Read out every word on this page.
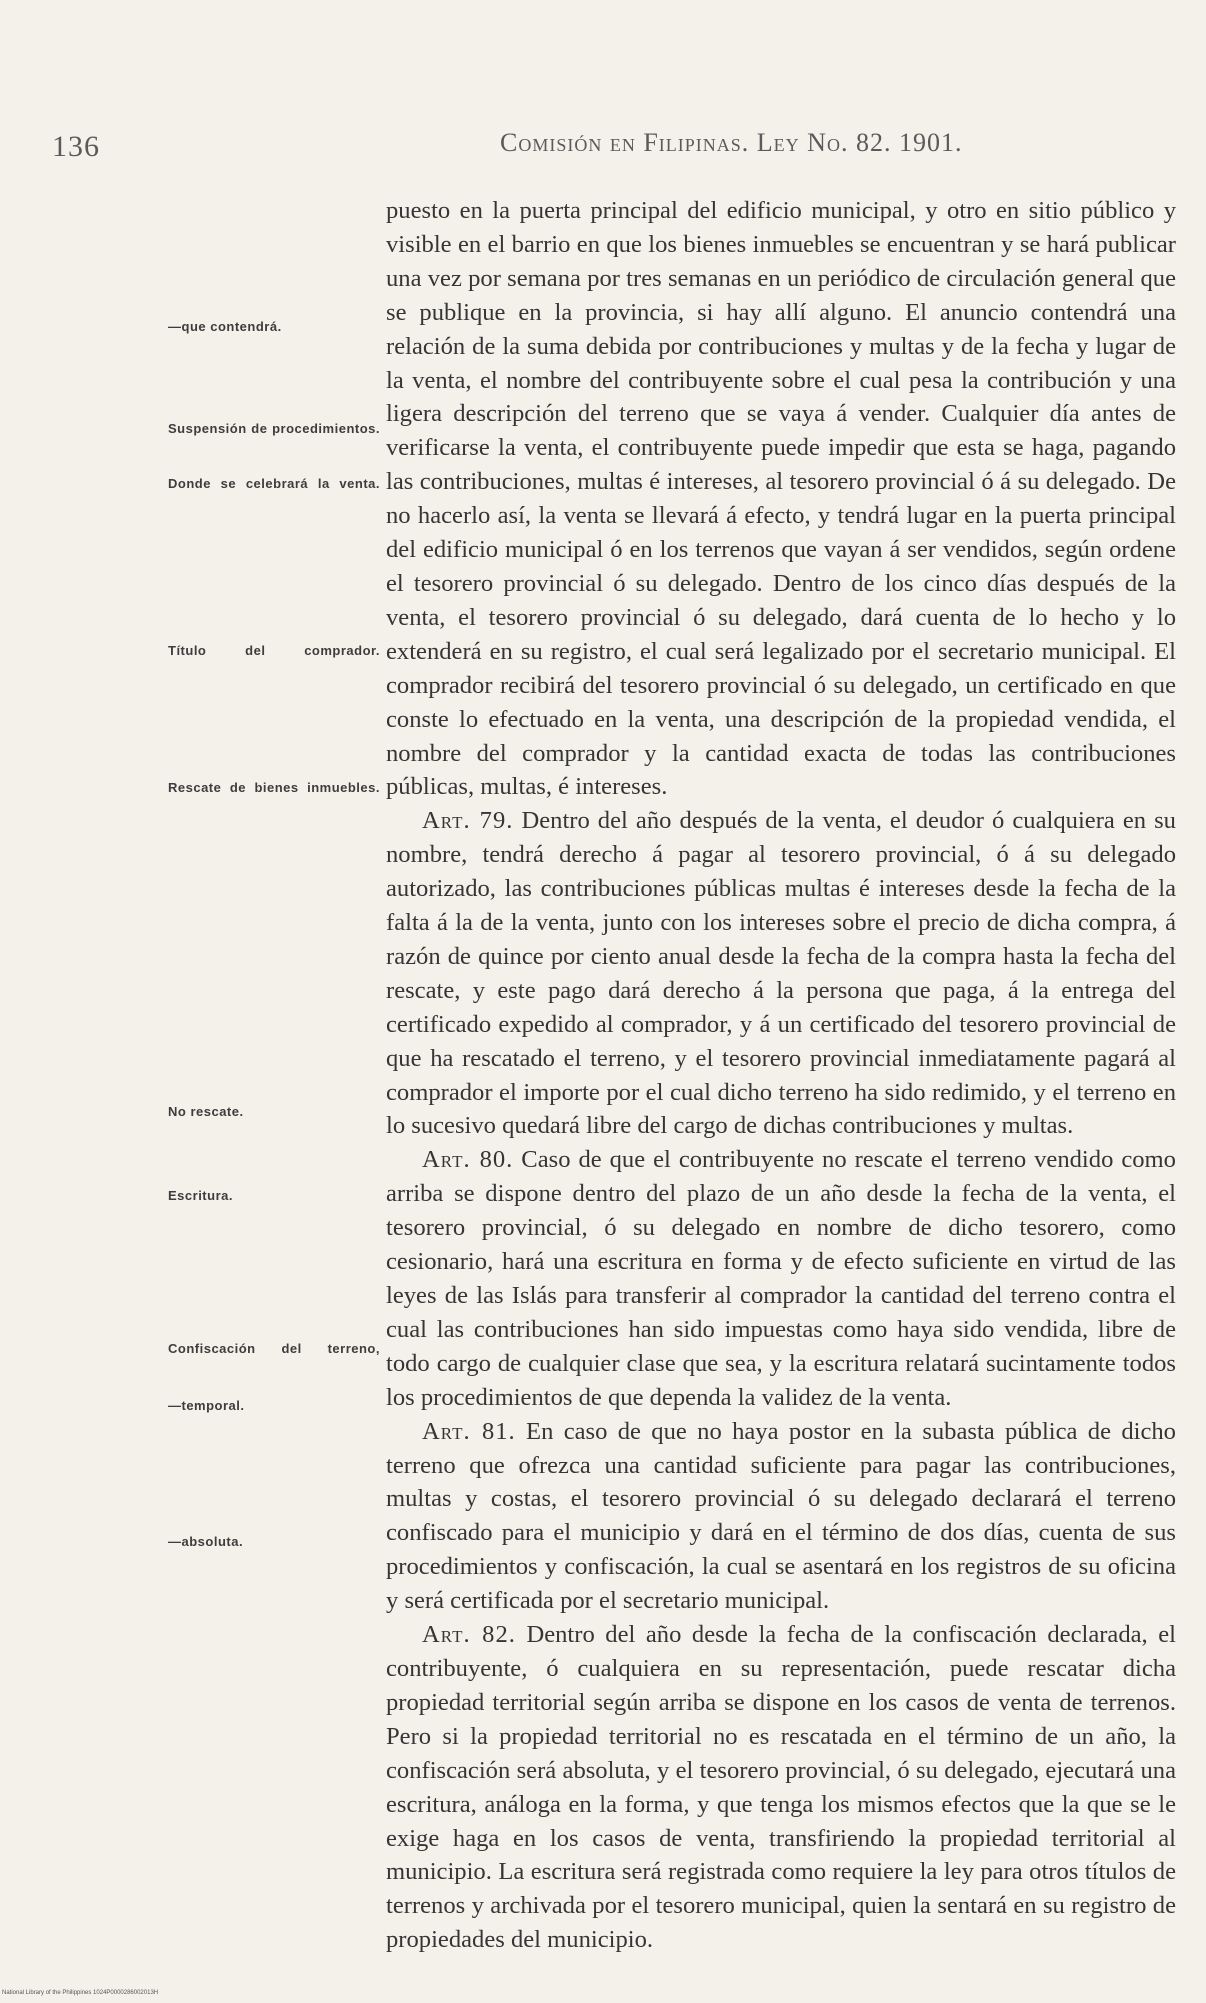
136	Comisión en Filipinas. Ley No. 82. 1901.
—que contendrá.
Suspensión de procedimientos.
Donde se celebrará la venta.
Título del comprador.
Rescate de bienes inmuebles.
No rescate.
Escritura.
Confiscación del terreno,
—temporal.
—absoluta.

puesto en la puerta principal del edificio municipal, y otro en sitio público y visible en el barrio en que los bienes inmuebles se encuentran y se hará publicar una vez por semana por tres semanas en un periódico de circulación general que se publique en la provincia, si hay allí alguno. El anuncio contendrá una relación de la suma debida por contribuciones y multas y de la fecha y lugar de la venta, el nombre del contribuyente sobre el cual pesa la contribución y una ligera descripción del terreno que se vaya á vender. Cualquier día antes de verificarse la venta, el contribuyente puede impedir que esta se haga, pagando las contribuciones, multas é intereses, al tesorero provincial ó á su delegado. De no hacerlo así, la venta se llevará á efecto, y tendrá lugar en la puerta principal del edificio municipal ó en los terrenos que vayan á ser vendidos, según ordene el tesorero provincial ó su delegado. Dentro de los cinco días después de la venta, el tesorero provincial ó su delegado, dará cuenta de lo hecho y lo extenderá en su registro, el cual será legalizado por el secretario municipal. El comprador recibirá del tesorero provincial ó su delegado, un certificado en que conste lo efectuado en la venta, una descripción de la propiedad vendida, el nombre del comprador y la cantidad exacta de todas las contribuciones públicas, multas, é intereses.

Art. 79. Dentro del año después de la venta, el deudor ó cualquiera en su nombre, tendrá derecho á pagar al tesorero provincial, ó á su delegado autorizado, las contribuciones públicas multas é intereses desde la fecha de la falta á la de la venta, junto con los intereses sobre el precio de dicha compra, á razón de quince por ciento anual desde la fecha de la compra hasta la fecha del rescate, y este pago dará derecho á la persona que paga, á la entrega del certificado expedido al comprador, y á un certificado del tesorero provincial de que ha rescatado el terreno, y el tesorero provincial inmediatamente pagará al comprador el importe por el cual dicho terreno ha sido redimido, y el terreno en lo sucesivo quedará libre del cargo de dichas contribuciones y multas.

Art. 80. Caso de que el contribuyente no rescate el terreno vendido como arriba se dispone dentro del plazo de un año desde la fecha de la venta, el tesorero provincial, ó su delegado en nombre de dicho tesorero, como cesionario, hará una escritura en forma y de efecto suficiente en virtud de las leyes de las Islás para transferir al comprador la cantidad del terreno contra el cual las contribuciones han sido impuestas como haya sido vendida, libre de todo cargo de cualquier clase que sea, y la escritura relatará sucintamente todos los procedimientos de que dependa la validez de la venta.

Art. 81. En caso de que no haya postor en la subasta pública de dicho terreno que ofrezca una cantidad suficiente para pagar las contribuciones, multas y costas, el tesorero provincial ó su delegado declarará el terreno confiscado para el municipio y dará en el término de dos días, cuenta de sus procedimientos y confiscación, la cual se asentará en los registros de su oficina y será certificada por el secretario municipal.

Art. 82. Dentro del año desde la fecha de la confiscación declarada, el contribuyente, ó cualquiera en su representación, puede rescatar dicha propiedad territorial según arriba se dispone en los casos de venta de terrenos. Pero si la propiedad territorial no es rescatada en el término de un año, la confiscación será absoluta, y el tesorero provincial, ó su delegado, ejecutará una escritura, análoga en la forma, y que tenga los mismos efectos que la que se le exige haga en los casos de venta, transfiriendo la propiedad territorial al municipio. La escritura será registrada como requiere la ley para otros títulos de terrenos y archivada por el tesorero municipal, quien la sentará en su registro de propiedades del municipio.

National Library of the Philippines 1024P0000286002013H
